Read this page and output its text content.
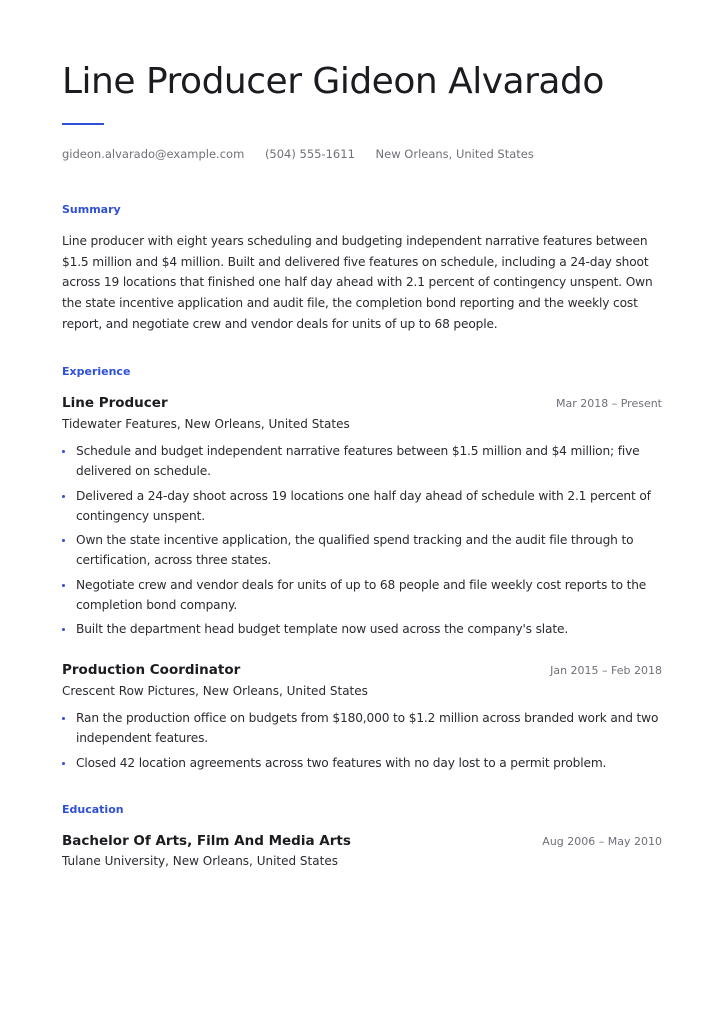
Line Producer Gideon Alvarado
gideon.alvarado@example.com (504) 555-1611 New Orleans, United States
Summary

Line producer with eight years scheduling and budgeting independent narrative features between $1.5 million and $4 million. Built and delivered five features on schedule, including a 24-day shoot across 19 locations that finished one half day ahead with 2.1 percent of contingency unspent. Own the state incentive application and audit file, the completion bond reporting and the weekly cost report, and negotiate crew and vendor deals for units of up to 68 people.

Experience
Line Producer	Mar 2018 – Present
Tidewater Features, New Orleans, United States
Schedule and budget independent narrative features between $1.5 million and $4 million; five delivered on schedule.
Delivered a 24-day shoot across 19 locations one half day ahead of schedule with 2.1 percent of contingency unspent.
Own the state incentive application, the qualified spend tracking and the audit file through to certification, across three states.
Negotiate crew and vendor deals for units of up to 68 people and file weekly cost reports to the completion bond company.
Built the department head budget template now used across the company's slate.
Production Coordinator	Jan 2015 – Feb 2018
Crescent Row Pictures, New Orleans, United States
Ran the production office on budgets from $180,000 to $1.2 million across branded work and two independent features.
Closed 42 location agreements across two features with no day lost to a permit problem.
Education
Bachelor Of Arts, Film And Media Arts	Aug 2006 – May 2010
Tulane University, New Orleans, United States
